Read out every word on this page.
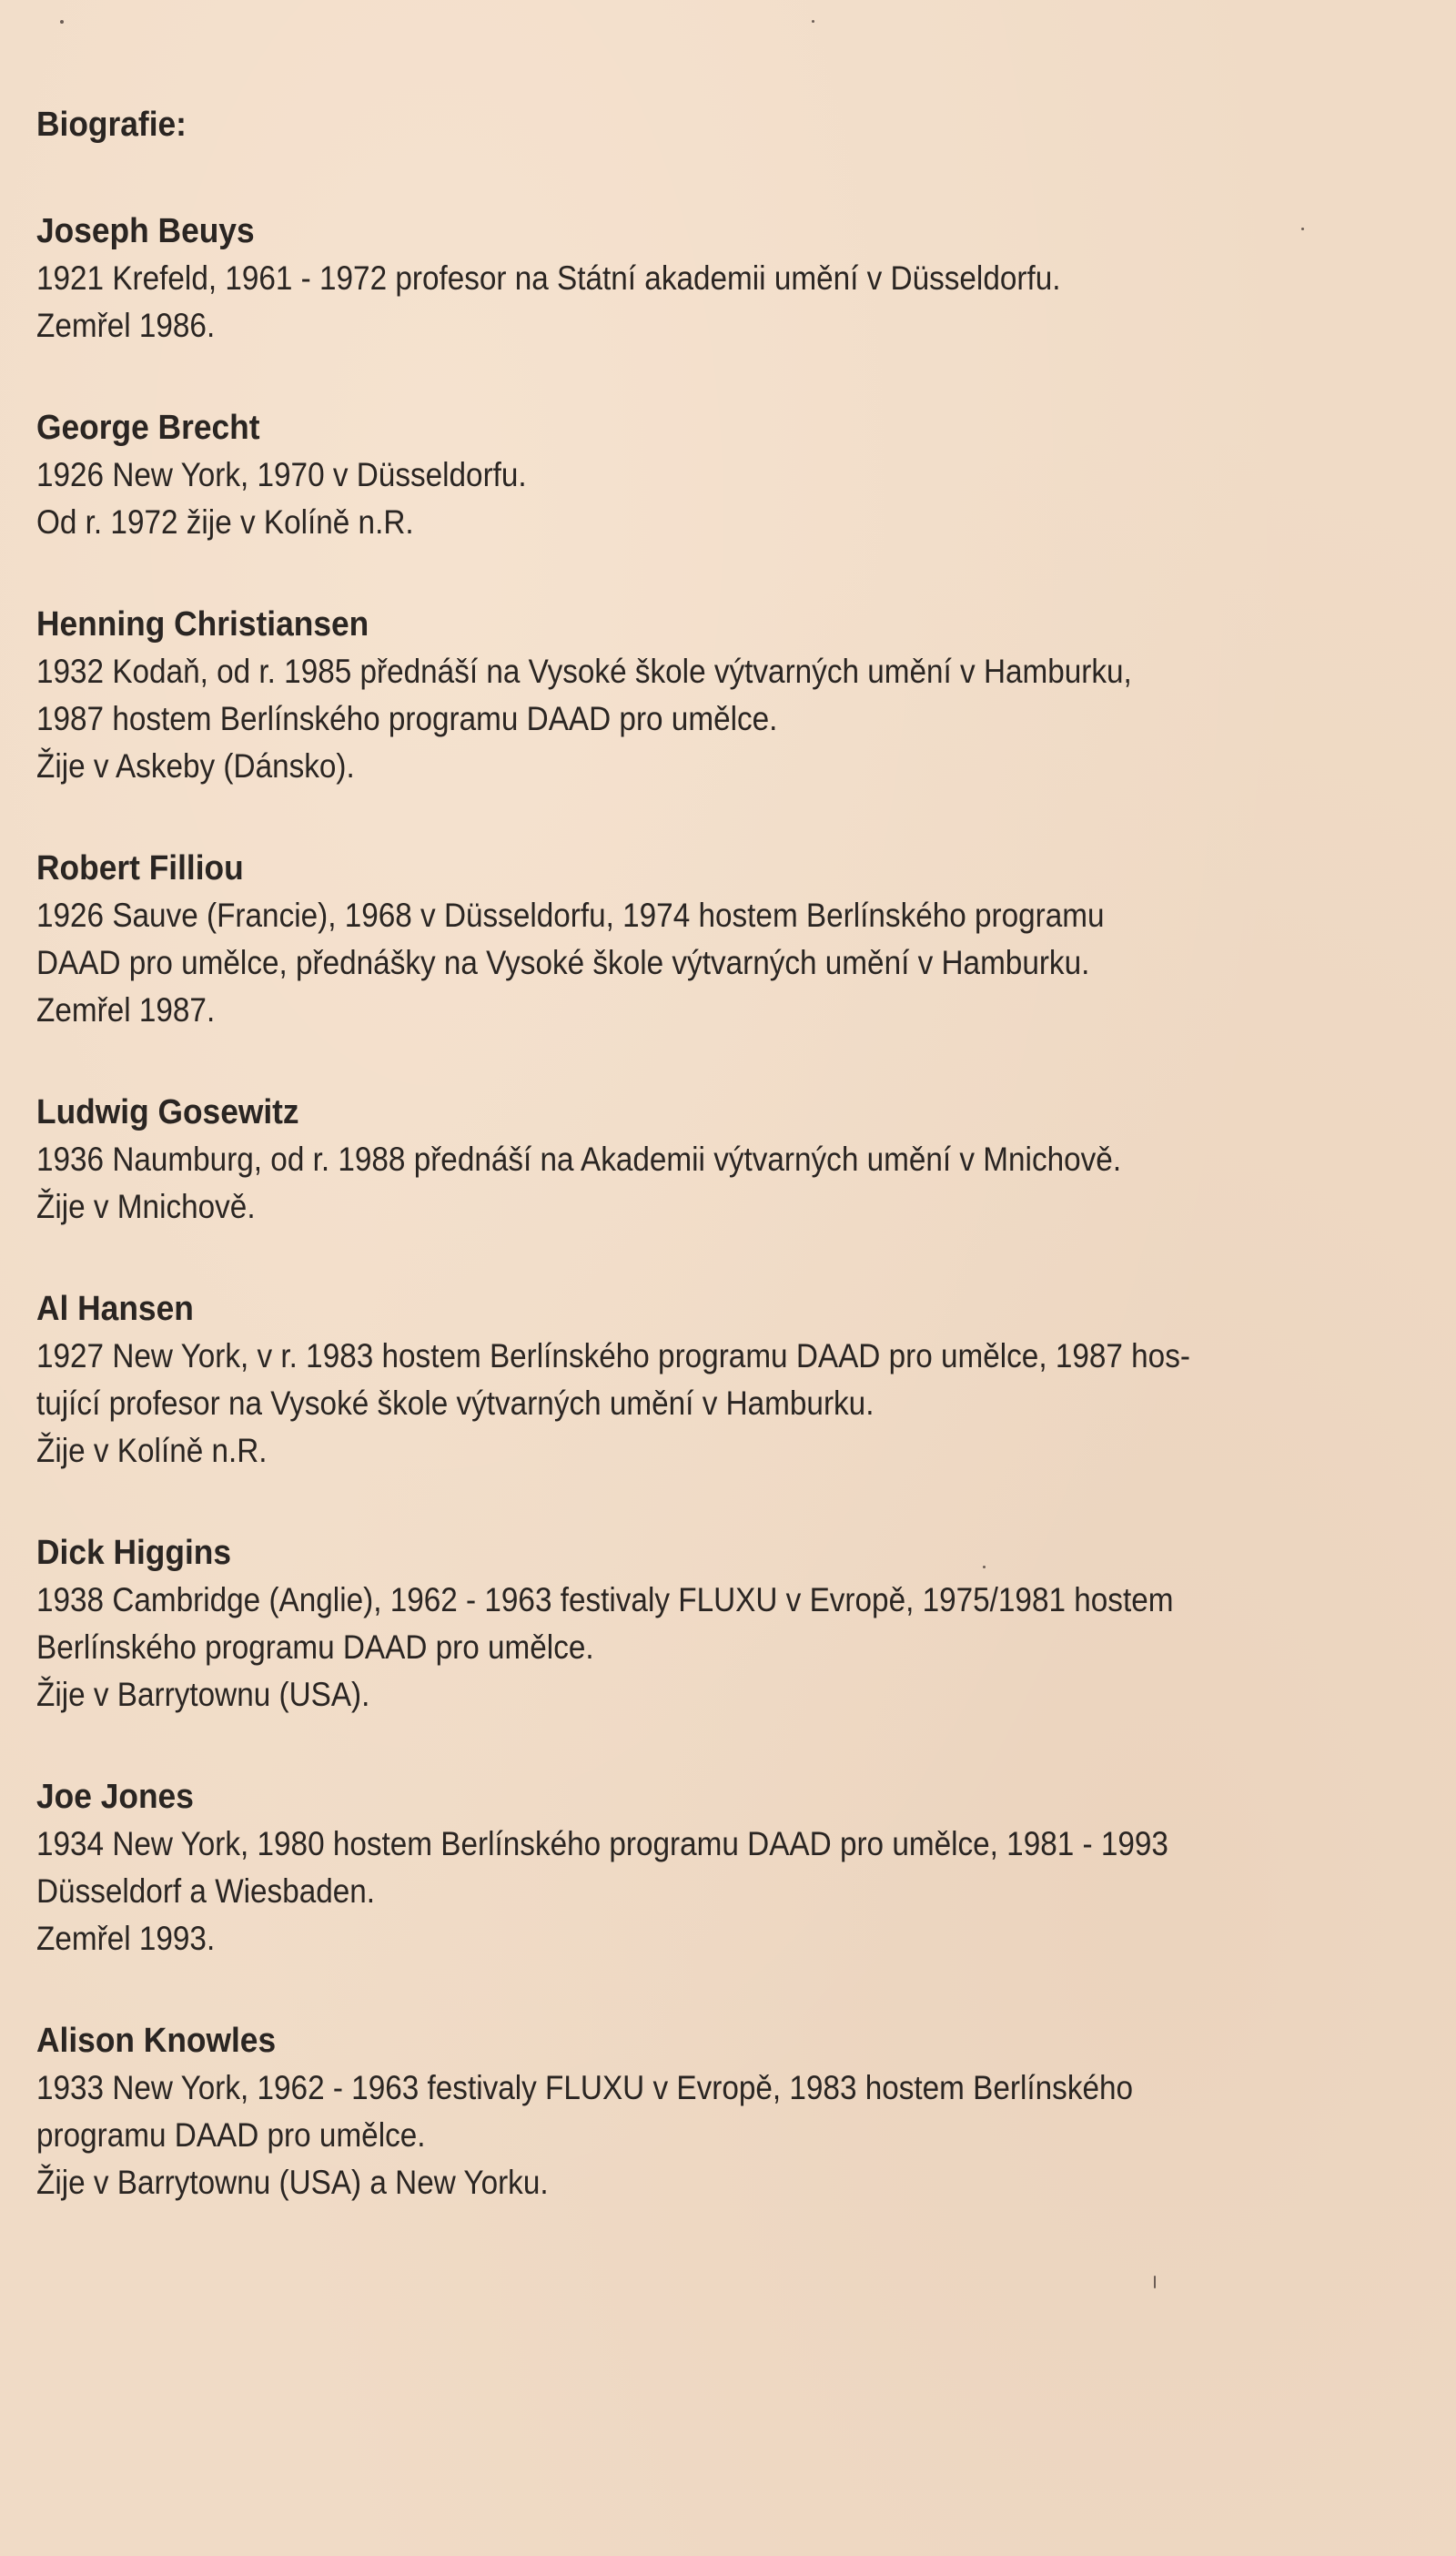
Biografie:
Joseph Beuys
1921 Krefeld, 1961 - 1972 profesor na Státní akademii umění v Düsseldorfu.
Zemřel 1986.
George Brecht
1926 New York, 1970 v Düsseldorfu.
Od r. 1972 žije v Kolíně n.R.
Henning Christiansen
1932 Kodaň, od r. 1985 přednáší na Vysoké škole výtvarných umění v Hamburku,
1987 hostem Berlínského programu DAAD pro umělce.
Žije v Askeby (Dánsko).
Robert Filliou
1926 Sauve (Francie), 1968 v Düsseldorfu, 1974 hostem Berlínského programu
DAAD pro umělce, přednášky na Vysoké škole výtvarných umění v Hamburku.
Zemřel 1987.
Ludwig Gosewitz
1936 Naumburg, od r. 1988 přednáší na Akademii výtvarných umění v Mnichově.
Žije v Mnichově.
Al Hansen
1927 New York, v r. 1983 hostem Berlínského programu DAAD pro umělce, 1987 hos-
tující profesor na Vysoké škole výtvarných umění v Hamburku.
Žije v Kolíně n.R.
Dick Higgins
1938 Cambridge (Anglie), 1962 - 1963 festivaly FLUXU v Evropě, 1975/1981 hostem
Berlínského programu DAAD pro umělce.
Žije v Barrytownu (USA).
Joe Jones
1934 New York, 1980 hostem Berlínského programu DAAD pro umělce, 1981 - 1993
Düsseldorf a Wiesbaden.
Zemřel 1993.
Alison Knowles
1933 New York, 1962 - 1963 festivaly FLUXU v Evropě, 1983 hostem Berlínského
programu DAAD pro umělce.
Žije v Barrytownu (USA) a New Yorku.
